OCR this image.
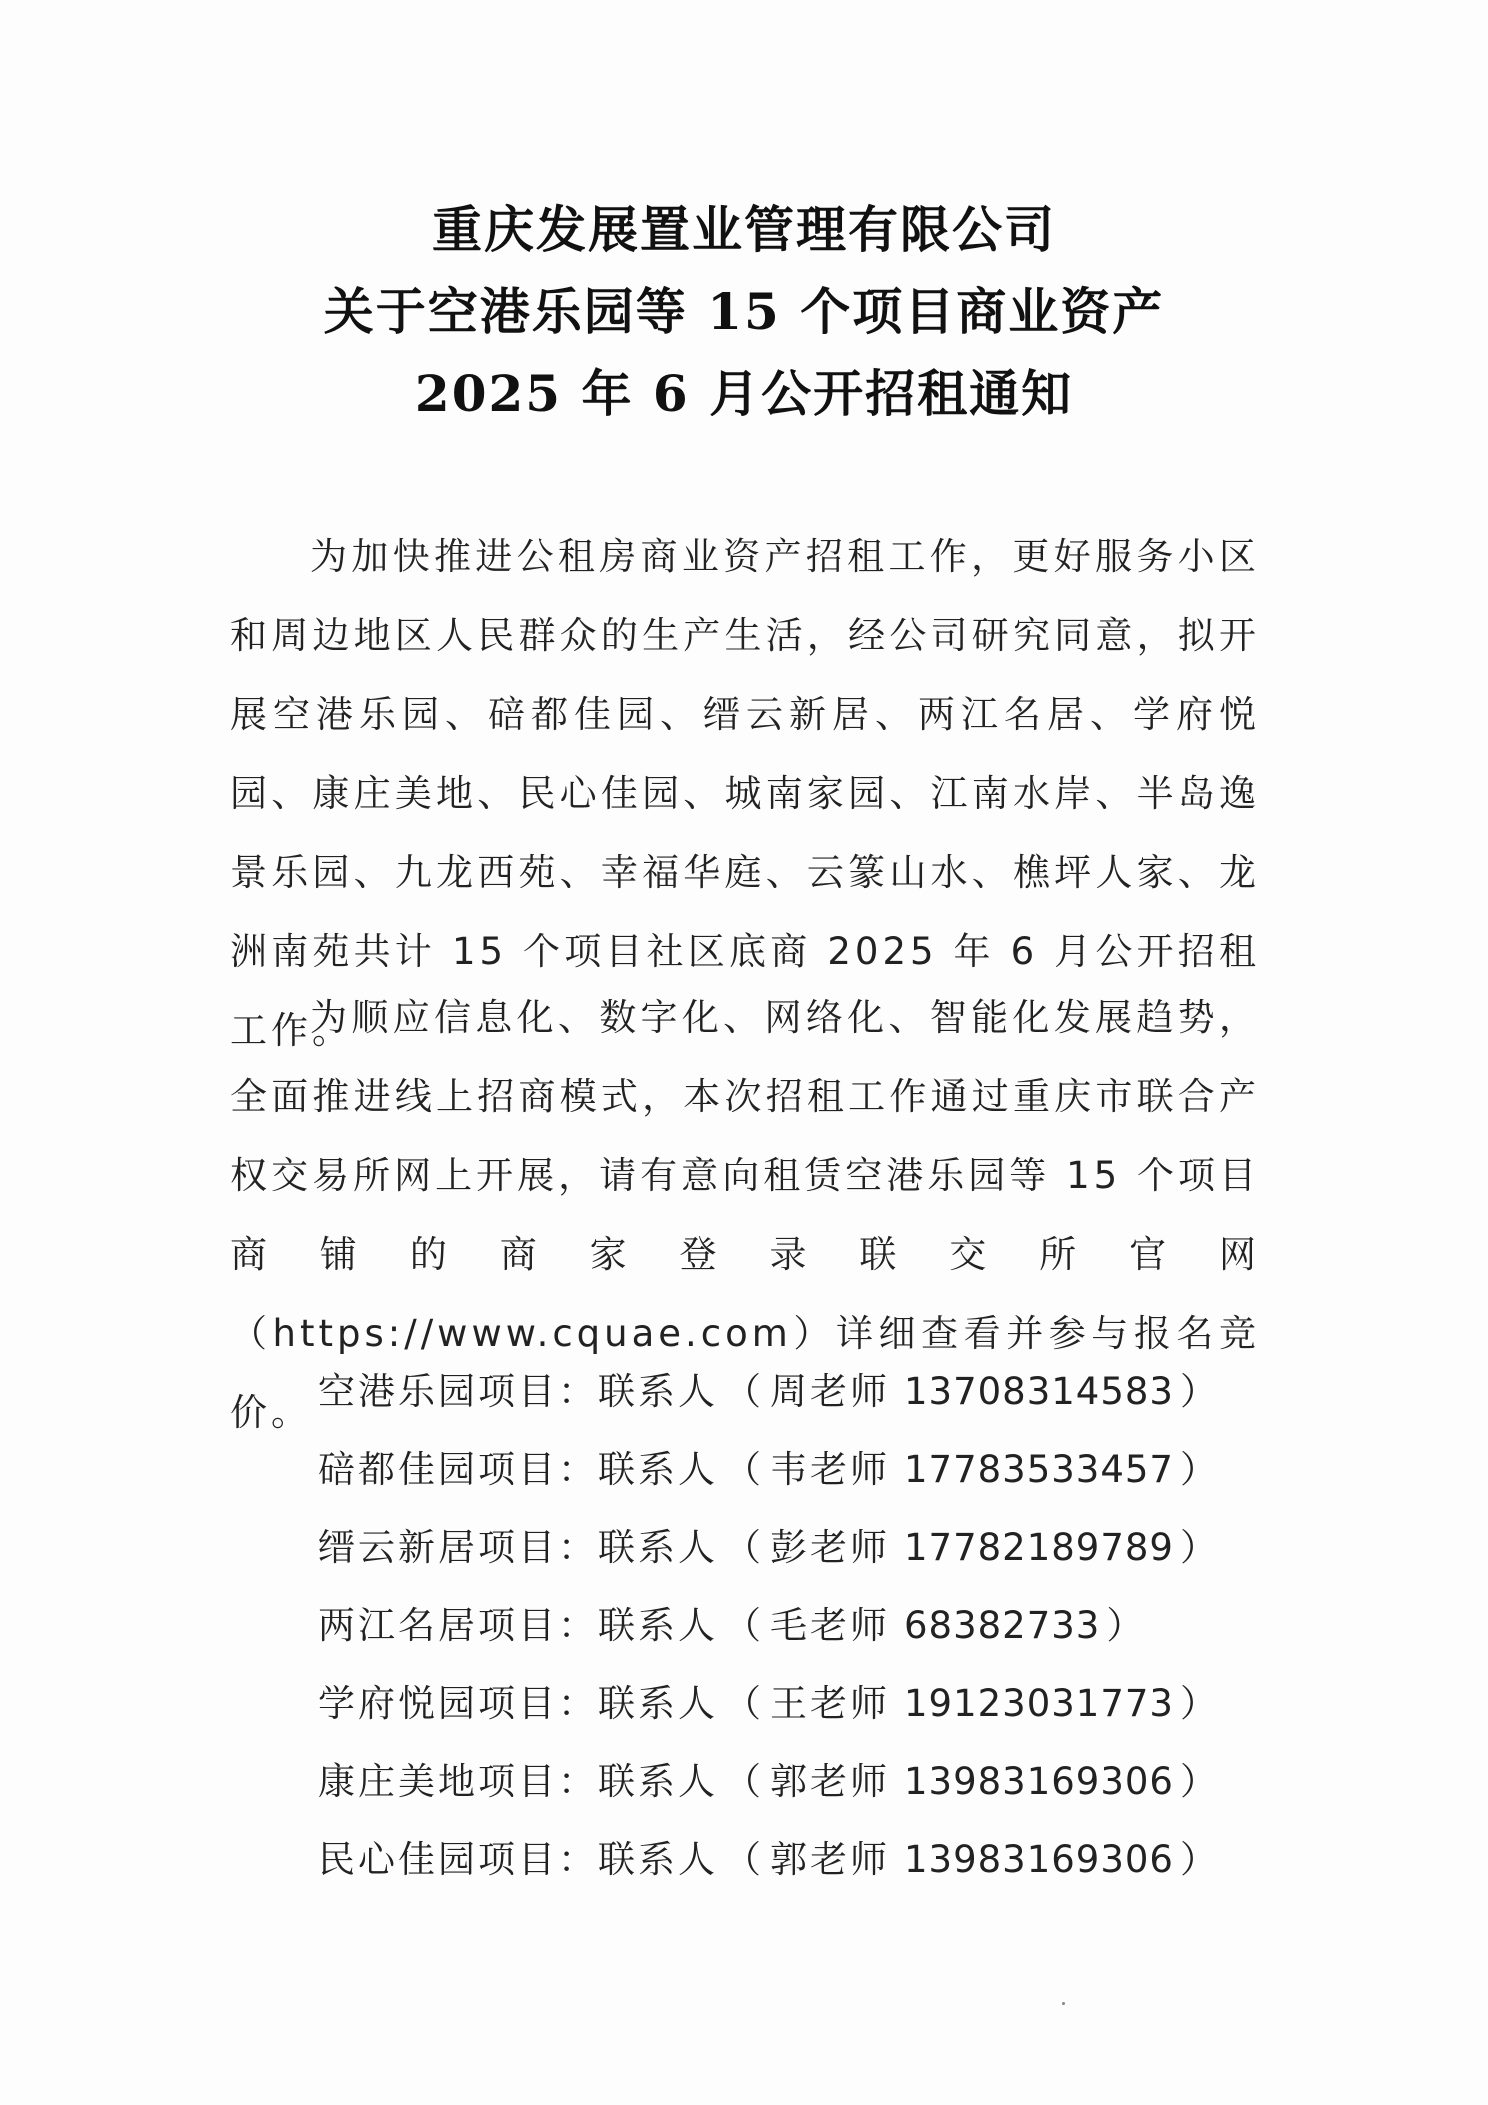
重庆发展置业管理有限公司
关于空港乐园等 15 个项目商业资产
2025 年 6 月公开招租通知
为加快推进公租房商业资产招租工作，更好服务小区和周边地区人民群众的生产生活，经公司研究同意，拟开展空港乐园、碚都佳园、缙云新居、两江名居、学府悦园、康庄美地、民心佳园、城南家园、江南水岸、半岛逸景乐园、九龙西苑、幸福华庭、云篆山水、樵坪人家、龙洲南苑共计 15 个项目社区底商 2025 年 6 月公开招租工作。
为顺应信息化、数字化、网络化、智能化发展趋势，全面推进线上招商模式，本次招租工作通过重庆市联合产权交易所网上开展，请有意向租赁空港乐园等 15 个项目商铺的商家登录联交所官网（https://www.cquae.com）详细查看并参与报名竞价。 空港乐园项目：联系人 （ 周老师 13708314583 ）
碚都佳园项目：联系人 （ 韦老师 17783533457 ）
缙云新居项目：联系人 （ 彭老师 17782189789 ）
两江名居项目：联系人 （ 毛老师 68382733 ）
学府悦园项目：联系人 （ 王老师 19123031773 ）
康庄美地项目：联系人 （ 郭老师 13983169306 ）
民心佳园项目：联系人 （ 郭老师 13983169306 ）
